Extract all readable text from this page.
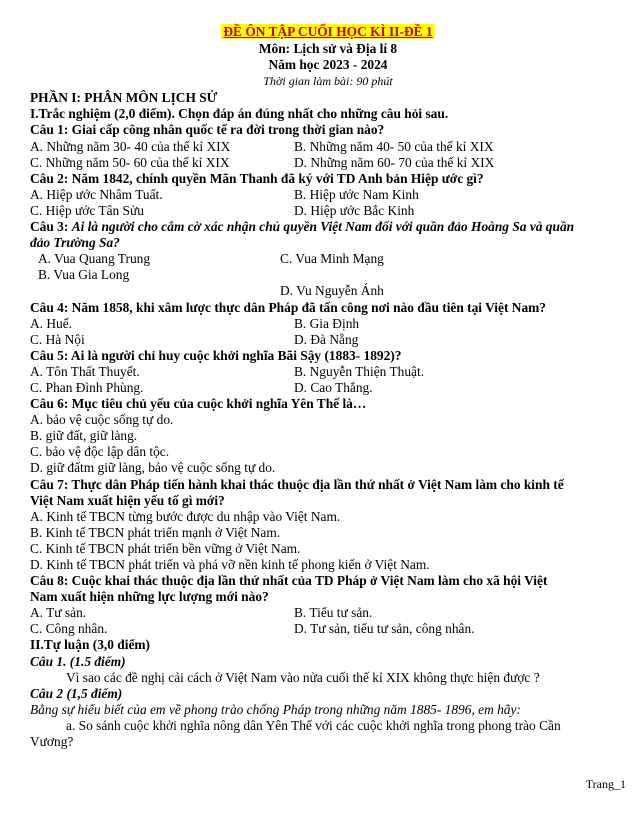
ĐỀ ÔN TẬP CUỐI HỌC KÌ II-ĐỀ 1
Môn: Lịch sử và Địa lí 8
Năm học 2023 - 2024
Thời gian làm bài: 90 phút
PHẦN I: PHÂN MÔN LỊCH SỬ
I.Trắc nghiệm (2,0 điểm). Chọn đáp án đúng nhất cho những câu hỏi sau.
Câu 1: Giai cấp công nhân quốc tế ra đời trong thời gian nào?
A. Những năm 30- 40 của thế kỉ XIX	B. Những năm 40- 50 của thế kỉ XIX
C. Những năm 50- 60 của thế kỉ XIX	D. Những năm 60- 70 của thế kỉ XIX
Câu 2: Năm 1842, chính quyền Mãn Thanh đã ký với TD Anh bản Hiệp ước gì?
A. Hiệp ước Nhâm Tuất.	B. Hiệp ước Nam Kinh
C. Hiệp ước Tân Sửu	D. Hiệp ước Bắc Kinh
Câu 3: Ai là người cho cắm cờ xác nhận chủ quyền Việt Nam đối với quần đảo Hoàng Sa và quần
đảo Trường Sa?
A. Vua Quang Trung	C. Vua Minh Mạng
B. Vua Gia Long
D. Vu Nguyễn Ánh
Câu 4: Năm 1858, khi xâm lược thực dân Pháp đã tấn công nơi nào đầu tiên tại Việt Nam?
A. Huế.	B. Gia Định
C. Hà Nội	D. Đà Nẵng
Câu 5: Ai là người chỉ huy cuộc khởi nghĩa Bãi Sậy (1883- 1892)?
A. Tôn Thất Thuyết.	B. Nguyễn Thiện Thuật.
C. Phan Đình Phùng.	D. Cao Thắng.
Câu 6: Mục tiêu chủ yếu của cuộc khởi nghĩa Yên Thế là…
A. bảo vệ cuộc sống tự do.
B. giữ đất, giữ làng.
C. bảo vệ độc lập dân tộc.
D. giữ đấtm giữ làng, bảo vệ cuộc sống tự do.
Câu 7: Thực dân Pháp tiến hành khai thác thuộc địa lần thứ nhất ở Việt Nam làm cho kinh tế
Việt Nam xuất hiện yếu tố gì mới?
A. Kinh tế TBCN từng bước được du nhập vào Việt Nam.
B. Kinh tế TBCN phát triển mạnh ở Việt Nam.
C. Kinh tế TBCN phát triển bền vững ở Việt Nam.
D. Kinh tế TBCN phát triển và phá vỡ nền kinh tế phong kiến ở Việt Nam.
Câu 8: Cuộc khai thác thuộc địa lần thứ nhất của TD Pháp ở Việt Nam làm cho xã hội Việt
Nam xuất hiện những lực lượng mới nào?
A. Tư sản.	B. Tiểu tư sản.
C. Công nhân.	D. Tư sản, tiểu tư sản, công nhân.
II.Tự luận (3,0 điểm)
Câu 1. (1.5 điểm)
Vì sao các đề nghị cải cách ở Việt Nam vào nửa cuối thế kỉ XIX không thực hiện được ?
Câu 2 (1,5 điểm)
Bằng sự hiểu biết của em về phong trào chống Pháp trong những năm 1885- 1896, em hãy:
a. So sánh cuộc khởi nghĩa nông dân Yên Thế với các cuộc khởi nghĩa trong phong trào Cần
Vương?
Trang_1
